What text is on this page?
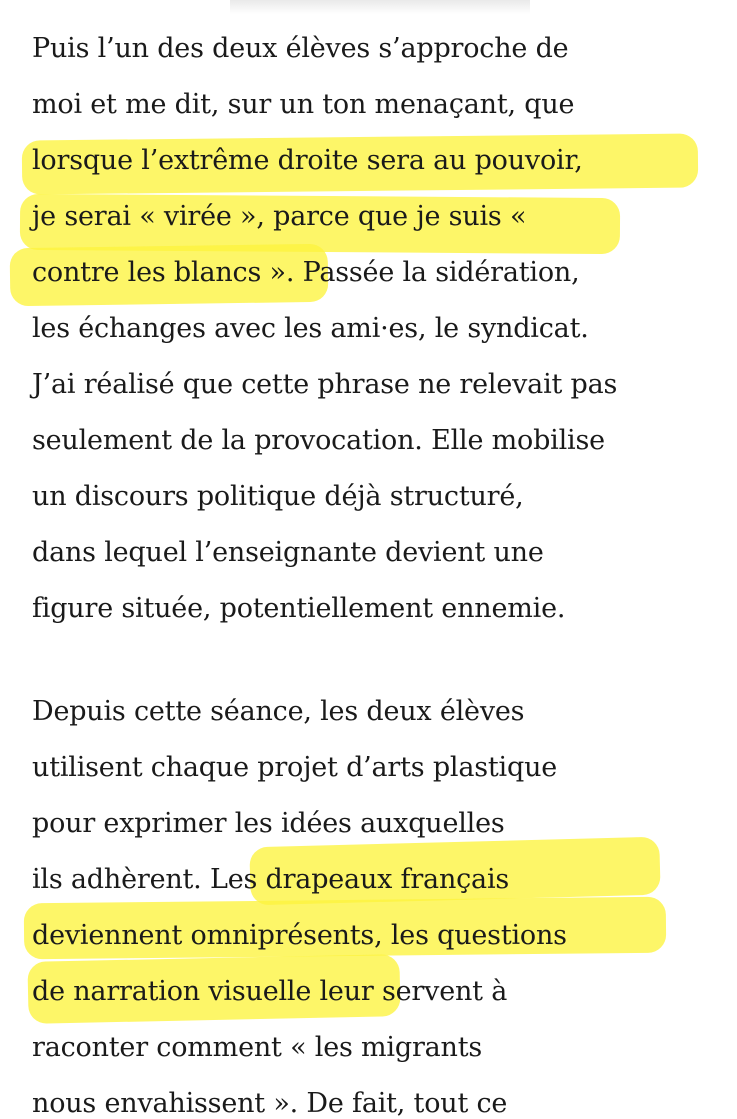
Puis l’un des deux élèves s’approche de
moi et me dit, sur un ton menaçant, que
lorsque l’extrême droite sera au pouvoir,
je serai « virée », parce que je suis «
contre les blancs ». Passée la sidération,
les échanges avec les ami·es, le syndicat.
J’ai réalisé que cette phrase ne relevait pas
seulement de la provocation. Elle mobilise
un discours politique déjà structuré,
dans lequel l’enseignante devient une
figure située, potentiellement ennemie.
Depuis cette séance, les deux élèves
utilisent chaque projet d’arts plastique
pour exprimer les idées auxquelles
ils adhèrent. Les drapeaux français
deviennent omniprésents, les questions
de narration visuelle leur servent à
raconter comment « les migrants
nous envahissent ». De fait, tout ce
